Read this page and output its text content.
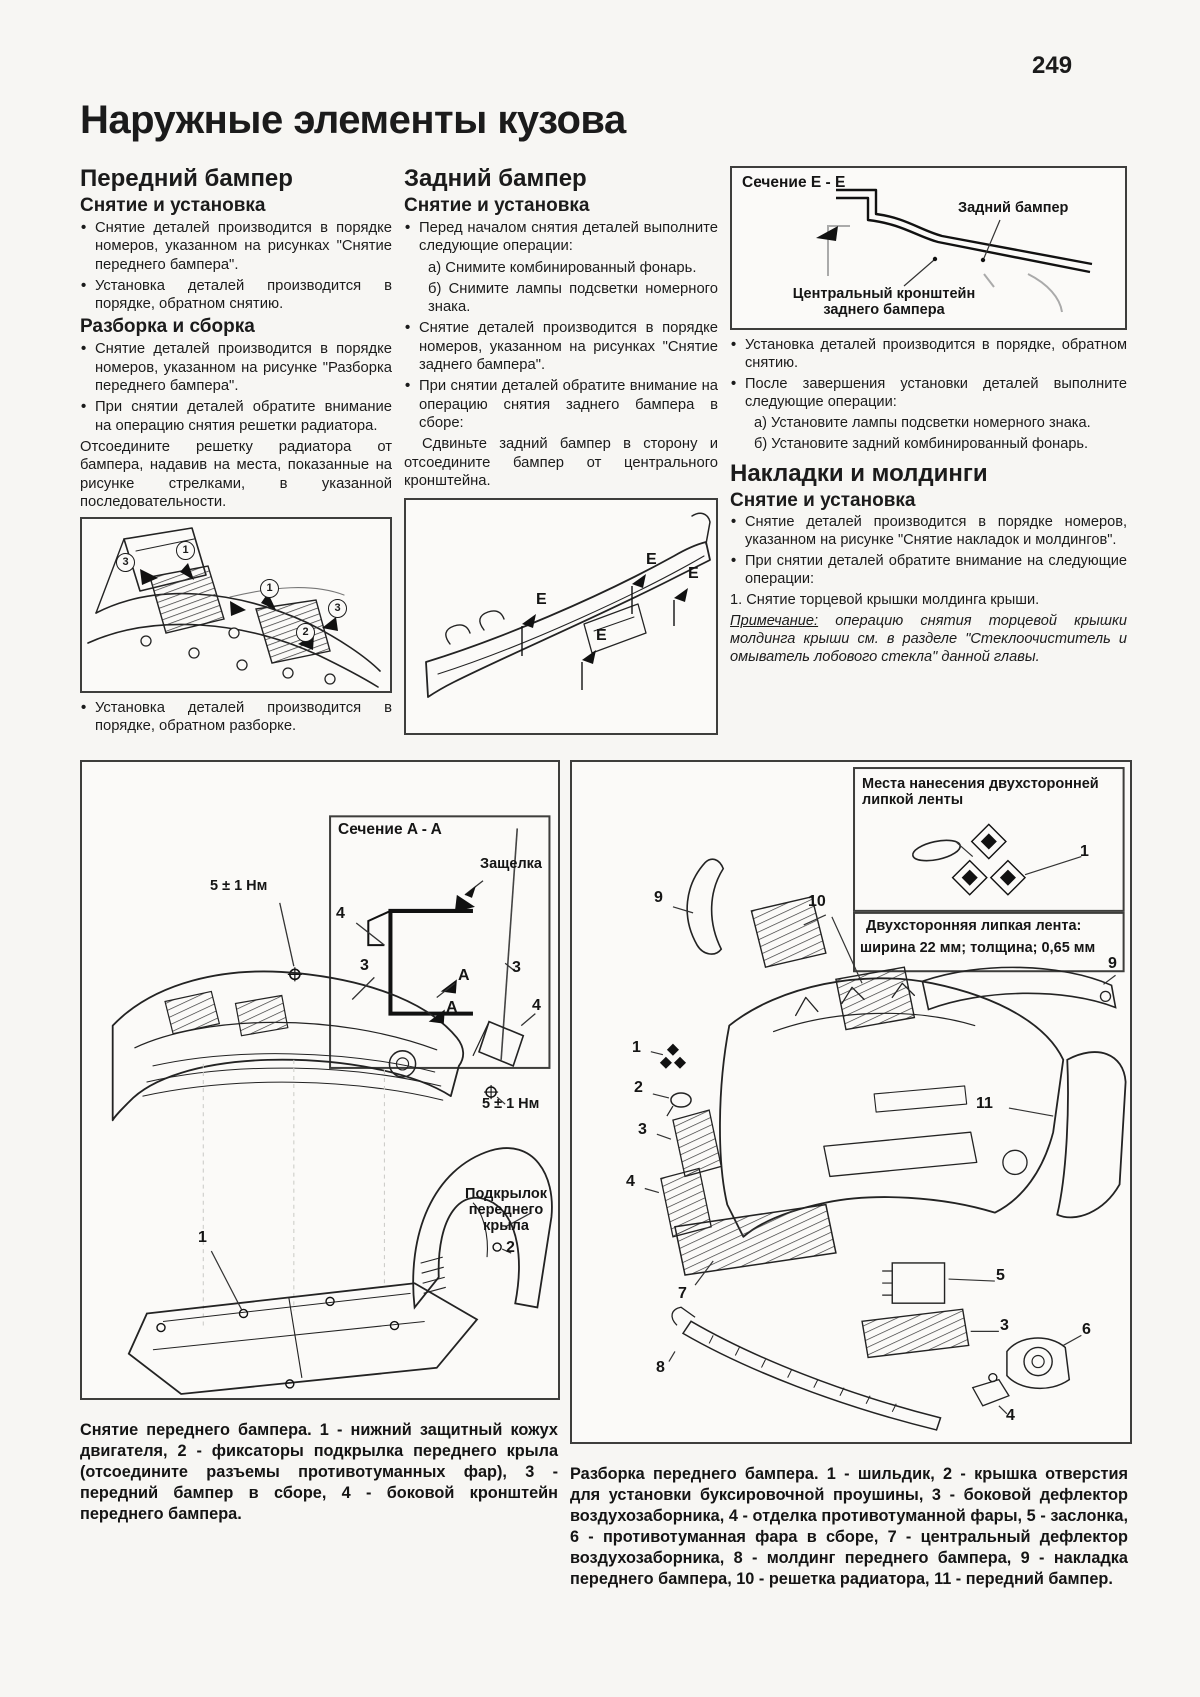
249
Наружные элементы кузова
Передний бампер
Снятие и установка
• Снятие деталей производится в порядке номеров, указанном на рисунках "Снятие переднего бампера".
• Установка деталей производится в порядке, обратном снятию.
Разборка и сборка
• Снятие деталей производится в порядке номеров, указанном на рисунке "Разборка переднего бампера".
• При снятии деталей обратите внимание на операцию снятия решетки радиатора.

Отсоедините решетку радиатора от бампера, надавив на места, показанные на рисунке стрелками, в указанной последовательности.

3
1
1
2
3
• Установка деталей производится в порядке, обратном разборке.
Задний бампер
Снятие и установка
• Перед началом снятия деталей выполните следующие операции:

а) Снимите комбинированный фонарь.

б) Снимите лампы подсветки номерного знака.

• Снятие деталей производится в порядке номеров, указанном на рисунках "Снятие заднего бампера".
• При снятии деталей обратите внимание на операцию снятия заднего бампера в сборе:

Сдвиньте задний бампер в сторону и отсоедините бампер от центрального кронштейна.

E
E
E
E
Сечение E - E
Задний бампер
Центральный кронштейн заднего бампера
• Установка деталей производится в порядке, обратном снятию.
• После завершения установки деталей выполните следующие операции:

а) Установите лампы подсветки номерного знака.

б) Установите задний комбинированный фонарь.

Накладки и молдинги
Снятие и установка
• Снятие деталей производится в порядке номеров, указанном на рисунке "Снятие накладок и молдингов".
• При снятии деталей обратите внимание на следующие операции:

1. Снятие торцевой крышки молдинга крыши.

Примечание: операцию снятия торцевой крышки молдинга крыши см. в разделе "Стеклоочиститель и омыватель лобового стекла" данной главы.

Сечение A - A
Защелка
5 ± 1 Нм
4
3
3
A
A	4
5 ± 1 Нм
Подкрылок переднего крыла
2
1

Снятие переднего бампера. 1 - нижний защитный кожух двигателя, 2 - фиксаторы подкрылка переднего крыла (отсоедините разъемы противотуманных фар), 3 - передний бампер в сборе, 4 - боковой кронштейн переднего бампера.

Места нанесения двухсторонней липкой ленты
1
Двухсторонняя липкая лента:
ширина 22 мм; толщина; 0,65 мм
9	10
1
2
3
4
9
11
7
5
3	6
4
8

Разборка переднего бампера. 1 - шильдик, 2 - крышка отверстия для установки буксировочной проушины, 3 - боковой дефлектор воздухозаборника, 4 - отделка противотуманной фары, 5 - заслонка, 6 - противотуманная фара в сборе, 7 - центральный дефлектор воздухозаборника, 8 - молдинг переднего бампера, 9 - накладка переднего бампера, 10 - решетка радиатора, 11 - передний бампер.
